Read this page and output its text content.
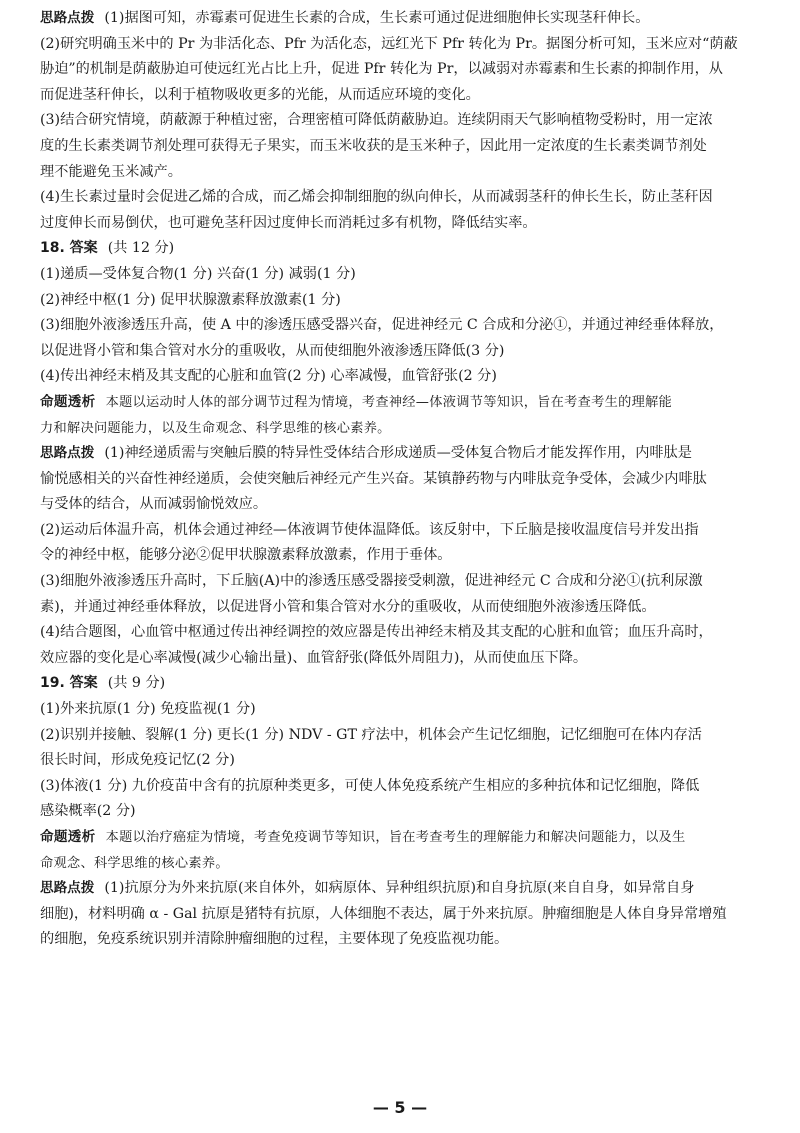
思路点拨 (1)据图可知，赤霉素可促进生长素的合成，生长素可通过促进细胞伸长实现茎秆伸长。
(2)研究明确玉米中的 Pr 为非活化态、Pfr 为活化态，远红光下 Pfr 转化为 Pr。据图分析可知，玉米应对“荫蔽
胁迫”的机制是荫蔽胁迫可使远红光占比上升，促进 Pfr 转化为 Pr，以减弱对赤霉素和生长素的抑制作用，从
而促进茎秆伸长，以利于植物吸收更多的光能，从而适应环境的变化。
(3)结合研究情境，荫蔽源于种植过密，合理密植可降低荫蔽胁迫。连续阴雨天气影响植物受粉时，用一定浓
度的生长素类调节剂处理可获得无子果实，而玉米收获的是玉米种子，因此用一定浓度的生长素类调节剂处
理不能避免玉米减产。
(4)生长素过量时会促进乙烯的合成，而乙烯会抑制细胞的纵向伸长，从而减弱茎秆的伸长生长，防止茎秆因
过度伸长而易倒伏，也可避免茎秆因过度伸长而消耗过多有机物，降低结实率。
18. 答案 (共 12 分)
(1)递质—受体复合物(1 分) 兴奋(1 分) 减弱(1 分)
(2)神经中枢(1 分) 促甲状腺激素释放激素(1 分)
(3)细胞外液渗透压升高，使 A 中的渗透压感受器兴奋，促进神经元 C 合成和分泌①，并通过神经垂体释放，
以促进肾小管和集合管对水分的重吸收，从而使细胞外液渗透压降低(3 分)
(4)传出神经末梢及其支配的心脏和血管(2 分) 心率减慢，血管舒张(2 分)
命题透析 本题以运动时人体的部分调节过程为情境，考查神经—体液调节等知识，旨在考查考生的理解能
力和解决问题能力，以及生命观念、科学思维的核心素养。
思路点拨 (1)神经递质需与突触后膜的特异性受体结合形成递质—受体复合物后才能发挥作用，内啡肽是
愉悦感相关的兴奋性神经递质，会使突触后神经元产生兴奋。某镇静药物与内啡肽竞争受体，会减少内啡肽
与受体的结合，从而减弱愉悦效应。
(2)运动后体温升高，机体会通过神经—体液调节使体温降低。该反射中，下丘脑是接收温度信号并发出指
令的神经中枢，能够分泌②促甲状腺激素释放激素，作用于垂体。
(3)细胞外液渗透压升高时，下丘脑(A)中的渗透压感受器接受刺激，促进神经元 C 合成和分泌①(抗利尿激
素)，并通过神经垂体释放，以促进肾小管和集合管对水分的重吸收，从而使细胞外液渗透压降低。
(4)结合题图，心血管中枢通过传出神经调控的效应器是传出神经末梢及其支配的心脏和血管；血压升高时，
效应器的变化是心率减慢(减少心输出量)、血管舒张(降低外周阻力)，从而使血压下降。
19. 答案 (共 9 分)
(1)外来抗原(1 分) 免疫监视(1 分)
(2)识别并接触、裂解(1 分) 更长(1 分) NDV - GT 疗法中，机体会产生记忆细胞，记忆细胞可在体内存活
很长时间，形成免疫记忆(2 分)
(3)体液(1 分) 九价疫苗中含有的抗原种类更多，可使人体免疫系统产生相应的多种抗体和记忆细胞，降低
感染概率(2 分)
命题透析 本题以治疗癌症为情境，考查免疫调节等知识，旨在考查考生的理解能力和解决问题能力，以及生
命观念、科学思维的核心素养。
思路点拨 (1)抗原分为外来抗原(来自体外，如病原体、异种组织抗原)和自身抗原(来自自身，如异常自身
细胞)，材料明确 α - Gal 抗原是猪特有抗原，人体细胞不表达，属于外来抗原。肿瘤细胞是人体自身异常增殖
的细胞，免疫系统识别并清除肿瘤细胞的过程，主要体现了免疫监视功能。
— 5 —
